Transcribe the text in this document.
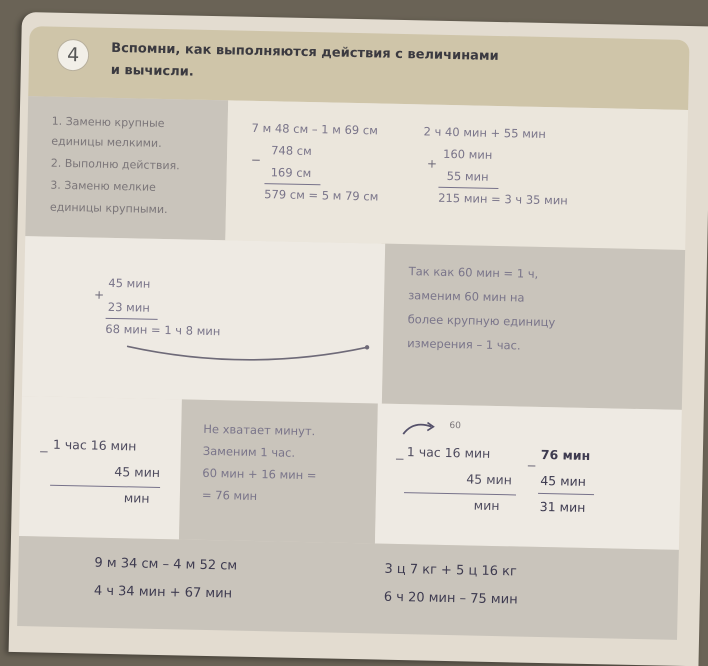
4	Вспомни, как выполняются действия с величинами
и вычисли.
1. Заменю крупные
единицы мелкими.
2. Выполню действия.
3. Заменю мелкие
единицы крупными.
7 м 48 см – 1 м 69 см
−
748 см
169 см
579 см = 5 м 79 см
2 ч 40 мин + 55 мин
+
160 мин
55 мин
215 мин = 3 ч 35 мин
45 мин
+
23 мин
68 мин = 1 ч 8 мин
Так как 60 мин = 1 ч,
заменим 60 мин на
более крупную единицу
измерения – 1 час.
− 1 час 16 мин
45 мин
мин
Не хватает минут.
Заменим 1 час.
60 мин + 16 мин =
= 76 мин
60
− 1 час 16 мин
45 мин
мин
−
76 мин
45 мин
31 мин
9 м 34 см – 4 м 52 см
4 ч 34 мин + 67 мин
3 ц 7 кг + 5 ц 16 кг
6 ч 20 мин – 75 мин
